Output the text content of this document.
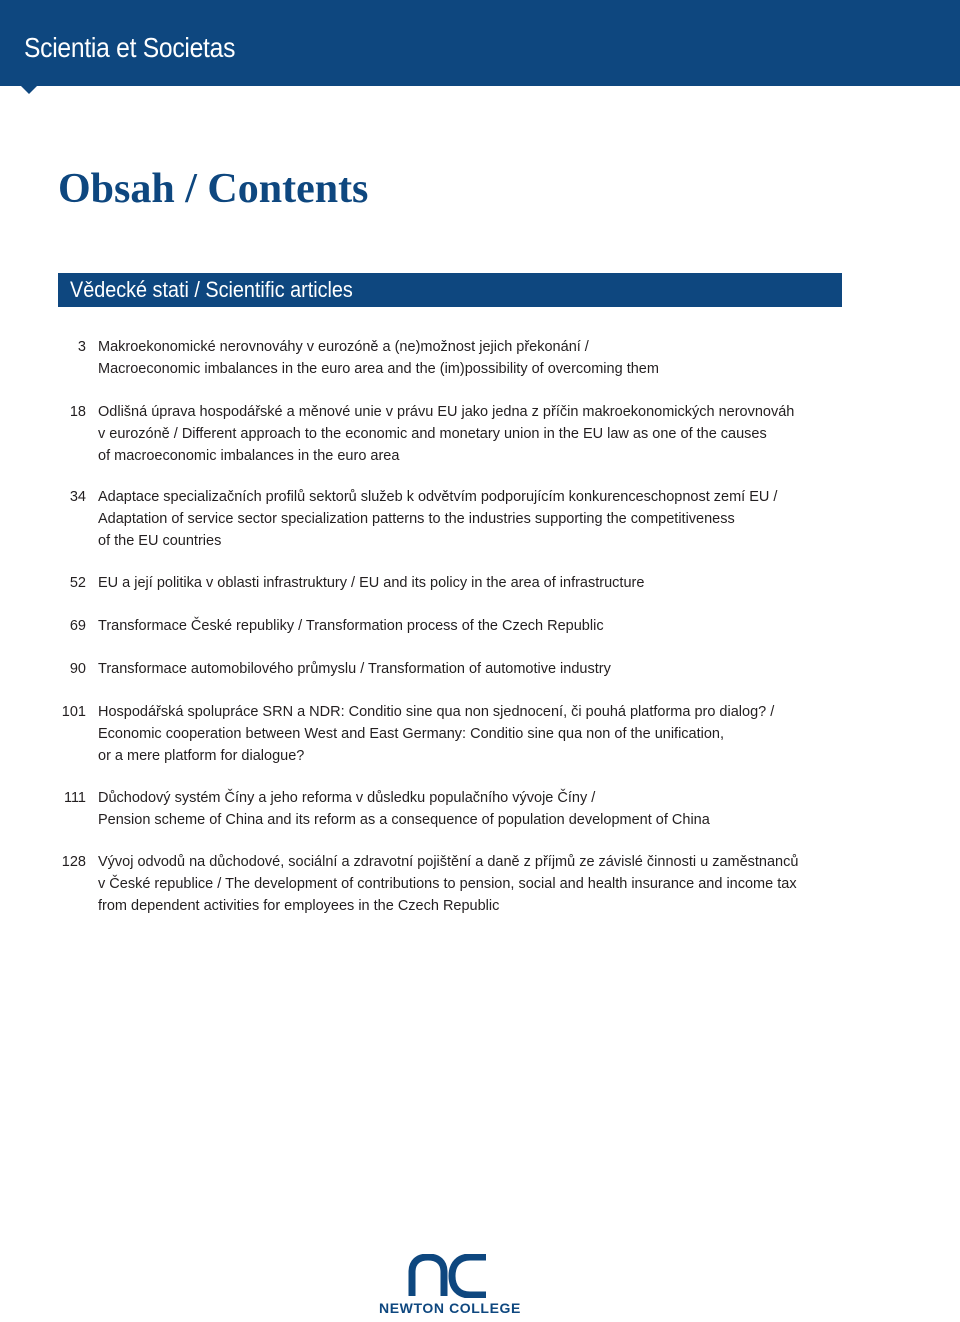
Scientia et Societas
Obsah / Contents
Vědecké stati / Scientific articles
3 Makroekonomické nerovnováhy v eurozóně a (ne)možnost jejich překonání /
Macroeconomic imbalances in the euro area and the (im)possibility of overcoming them
18 Odlišná úprava hospodářské a měnové unie v právu EU jako jedna z příčin makroekonomických nerovnováh
v eurozóně / Different approach to the economic and monetary union in the EU law as one of the causes
of macroeconomic imbalances in the euro area
34 Adaptace specializačních profilů sektorů služeb k odvětvím podporujícím konkurenceschopnost zemí EU /
Adaptation of service sector specialization patterns to the industries supporting the competitiveness
of the EU countries
52 EU a její politika v oblasti infrastruktury / EU and its policy in the area of infrastructure
69 Transformace České republiky / Transformation process of the Czech Republic
90 Transformace automobilového průmyslu / Transformation of automotive industry
101 Hospodářská spolupráce SRN a NDR: Conditio sine qua non sjednocení, či pouhá platforma pro dialog? /
Economic cooperation between West and East Germany: Conditio sine qua non of the unification,
or a mere platform for dialogue?
111 Důchodový systém Číny a jeho reforma v důsledku populačního vývoje Číny /
Pension scheme of China and its reform as a consequence of population development of China
128 Vývoj odvodů na důchodové, sociální a zdravotní pojištění a daně z příjmů ze závislé činnosti u zaměstnanců
v České republice / The development of contributions to pension, social and health insurance and income tax
from dependent activities for employees in the Czech Republic
NEWTON COLLEGE
